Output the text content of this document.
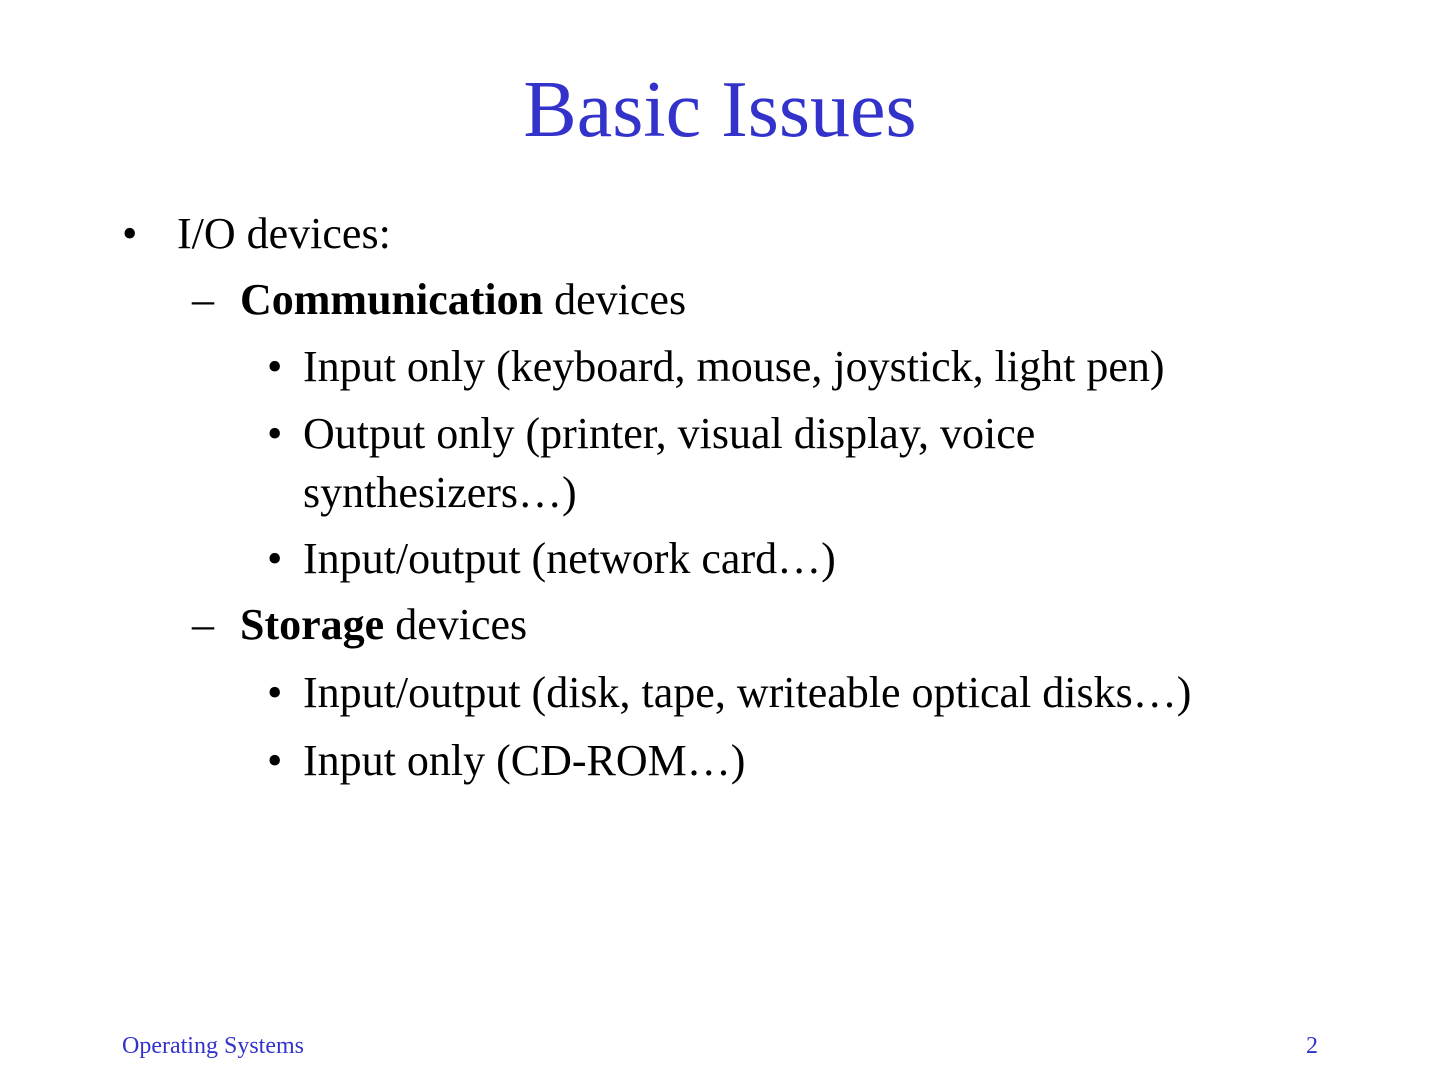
Basic Issues
• I/O devices:
– Communication devices
• Input only (keyboard, mouse, joystick, light pen)
• Output only (printer, visual display, voice
synthesizers…)
• Input/output (network card…)
– Storage devices
• Input/output (disk, tape, writeable optical disks…)
• Input only (CD-ROM…)
Operating Systems	2
